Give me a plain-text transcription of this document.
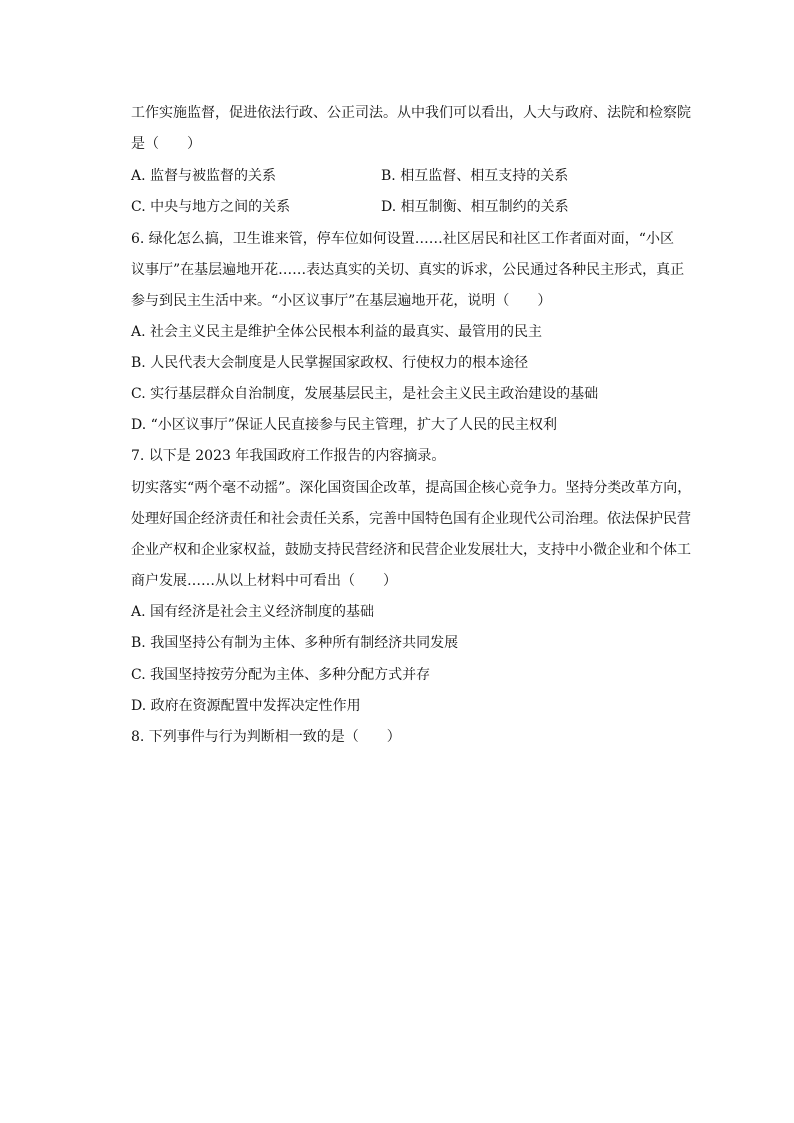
工作实施监督，促进依法行政、公正司法。从中我们可以看出，人大与政府、法院和检察院
是（　　）
A. 监督与被监督的关系	B. 相互监督、相互支持的关系
C. 中央与地方之间的关系	D. 相互制衡、相互制约的关系
6. 绿化怎么搞，卫生谁来管，停车位如何设置……社区居民和社区工作者面对面，“小区
议事厅”在基层遍地开花……表达真实的关切、真实的诉求，公民通过各种民主形式，真正
参与到民主生活中来。“小区议事厅”在基层遍地开花，说明（　　）
A. 社会主义民主是维护全体公民根本利益的最真实、最管用的民主
B. 人民代表大会制度是人民掌握国家政权、行使权力的根本途径
C. 实行基层群众自治制度，发展基层民主，是社会主义民主政治建设的基础
D. “小区议事厅”保证人民直接参与民主管理，扩大了人民的民主权利
7. 以下是 2023 年我国政府工作报告的内容摘录。
切实落实“两个毫不动摇”。深化国资国企改革，提高国企核心竞争力。坚持分类改革方向，
处理好国企经济责任和社会责任关系，完善中国特色国有企业现代公司治理。依法保护民营
企业产权和企业家权益，鼓励支持民营经济和民营企业发展壮大，支持中小微企业和个体工
商户发展……从以上材料中可看出（　　）
A. 国有经济是社会主义经济制度的基础
B. 我国坚持公有制为主体、多种所有制经济共同发展
C. 我国坚持按劳分配为主体、多种分配方式并存
D. 政府在资源配置中发挥决定性作用
8. 下列事件与行为判断相一致的是（　　）
